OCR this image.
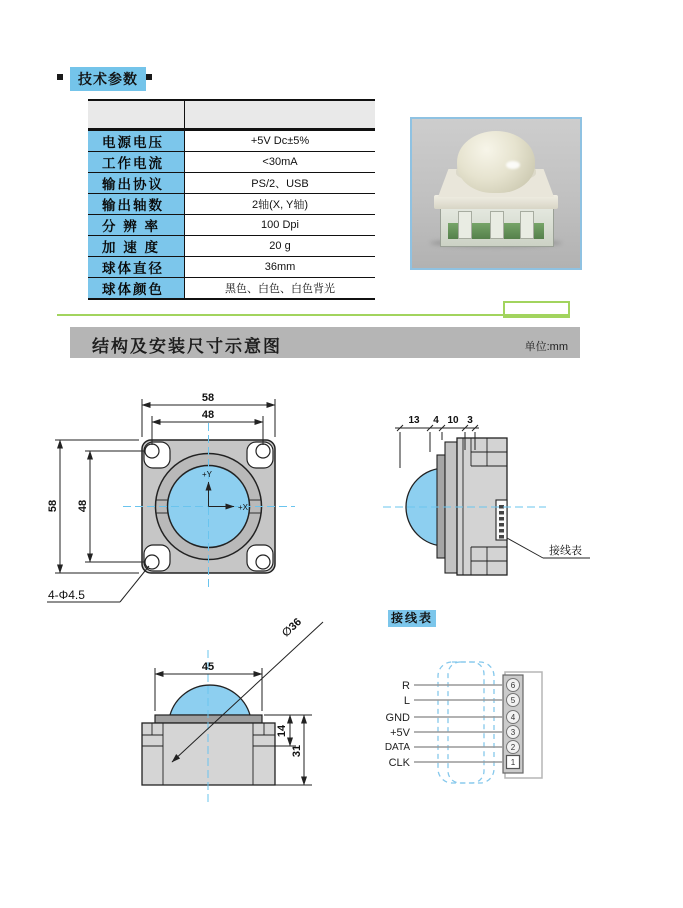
技术参数

电源电压	+5V Dc±5%
工作电流	<30mA
输出协议	PS/2、USB
输出轴数	2轴(X, Y轴)
分 辨 率	100 Dpi
加 速 度	20 g
球体直径	36mm
球体颜色	黑色、白色、白色背光
结构及安装尺寸示意图	单位:mm
+Y
+X
58
48
58 48
4-Φ4.5
13 4 10 3
接线表
45
14
31
∅36	接线表
R
L
GND
+5V
DATA
CLK
6
5
4
3
2
1
